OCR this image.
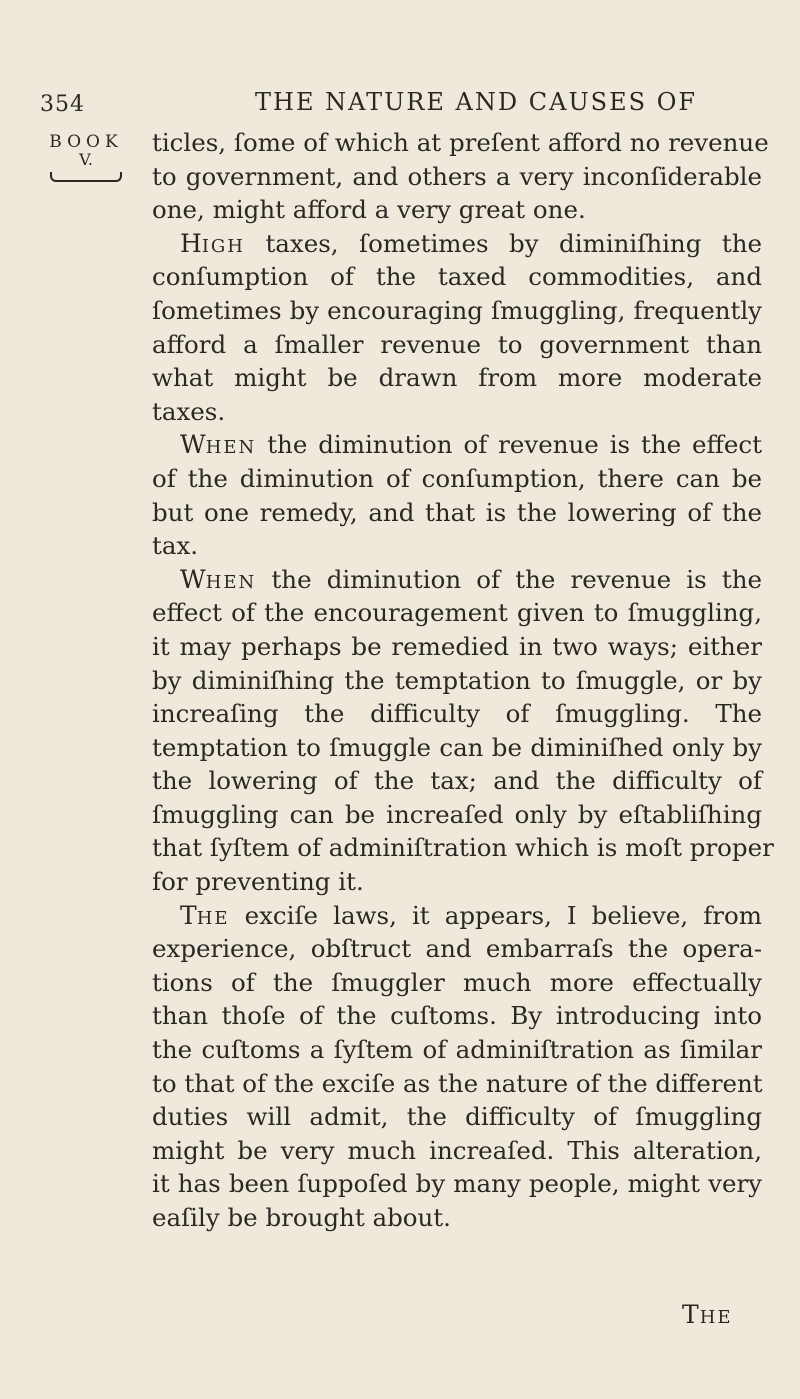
354	THE NATURE AND CAUSES OF
BOOK
V.
ticles, ſome of which at preſent afford no revenue
to government, and others a very inconſiderable
one, might afford a very great one.
HIGH taxes, ſometimes by diminiſhing the
conſumption of the taxed commodities, and
ſometimes by encouraging ſmuggling, frequently
afford a ſmaller revenue to government than
what might be drawn from more moderate
taxes.
WHEN the diminution of revenue is the effect
of the diminution of conſumption, there can be
but one remedy, and that is the lowering of the
tax.
WHEN the diminution of the revenue is the
effect of the encouragement given to ſmuggling,
it may perhaps be remedied in two ways; either
by diminiſhing the temptation to ſmuggle, or by
increaſing the difficulty of ſmuggling. The
temptation to ſmuggle can be diminiſhed only by
the lowering of the tax; and the difficulty of
ſmuggling can be increaſed only by eſtabliſhing
that ſyſtem of adminiſtration which is moſt proper
for preventing it.
THE exciſe laws, it appears, I believe, from
experience, obſtruct and embarraſs the opera-
tions of the ſmuggler much more effectually
than thoſe of the cuſtoms. By introducing into
the cuſtoms a ſyſtem of adminiſtration as ſimilar
to that of the exciſe as the nature of the different
duties will admit, the difficulty of ſmuggling
might be very much increaſed. This alteration,
it has been ſuppoſed by many people, might very
eaſily be brought about.
THE
